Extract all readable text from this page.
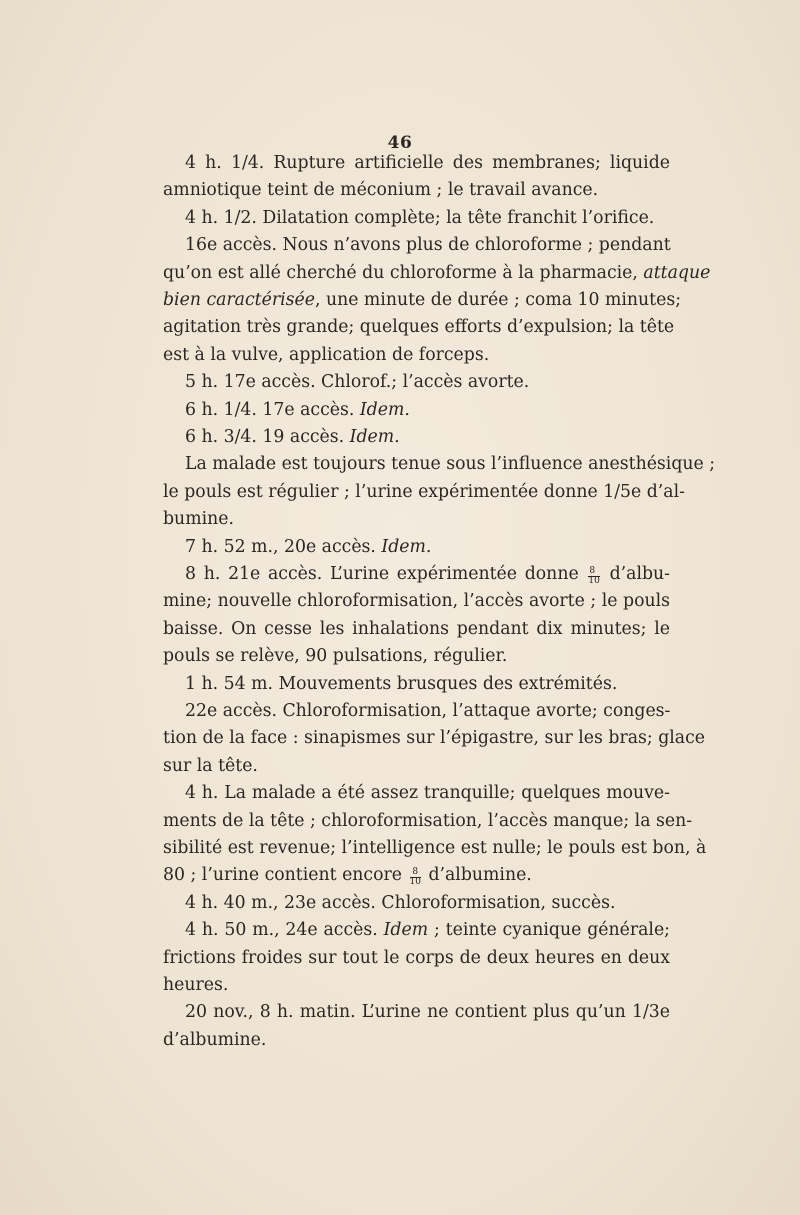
46
4 h. 1/4. Rupture artificielle des membranes; liquide
amniotique teint de méconium ; le travail avance.
4 h. 1/2. Dilatation complète; la tête franchit l’orifice.
16e accès. Nous n’avons plus de chloroforme ; pendant
qu’on est allé cherché du chloroforme à la pharmacie, attaque
bien caractérisée, une minute de durée ; coma 10 minutes;
agitation très grande; quelques efforts d’expulsion; la tête
est à la vulve, application de forceps.
5 h. 17e accès. Chlorof.; l’accès avorte.
6 h. 1/4. 17e accès. Idem.
6 h. 3/4. 19 accès. Idem.
La malade est toujours tenue sous l’influence anesthésique ;
le pouls est régulier ; l’urine expérimentée donne 1/5e d’al-
bumine.
7 h. 52 m., 20e accès. Idem.
8 h. 21e accès. L’urine expérimentée donne $\frac{8}{10}$ d’albu-
mine; nouvelle chloroformisation, l’accès avorte ; le pouls
baisse. On cesse les inhalations pendant dix minutes; le
pouls se relève, 90 pulsations, régulier.
1 h. 54 m. Mouvements brusques des extrémités.
22e accès. Chloroformisation, l’attaque avorte; conges-
tion de la face : sinapismes sur l’épigastre, sur les bras; glace
sur la tête.
4 h. La malade a été assez tranquille; quelques mouve-
ments de la tête ; chloroformisation, l’accès manque; la sen-
sibilité est revenue; l’intelligence est nulle; le pouls est bon, à
80 ; l’urine contient encore $\frac{8}{10}$ d’albumine.
4 h. 40 m., 23e accès. Chloroformisation, succès.
4 h. 50 m., 24e accès. Idem ; teinte cyanique générale;
frictions froides sur tout le corps de deux heures en deux
heures.
20 nov., 8 h. matin. L’urine ne contient plus qu’un 1/3e
d’albumine.
